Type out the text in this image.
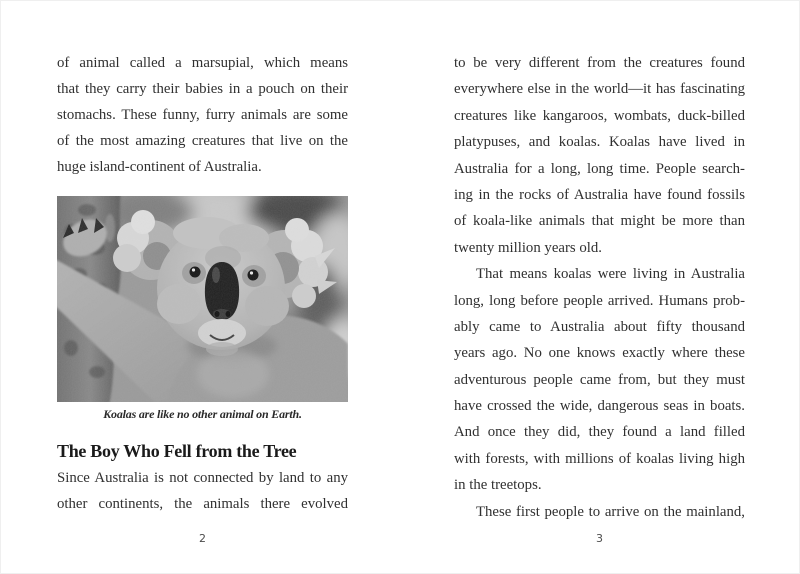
of animal called a marsupial, which means
that they carry their babies in a pouch on their
stomachs. These funny, furry animals are some
of the most amazing creatures that live on the
huge island-continent of Australia.
Koalas are like no other animal on Earth.
The Boy Who Fell from the Tree
Since Australia is not connected by land to any
other continents, the animals there evolved
to be very different from the creatures found
everywhere else in the world—it has fascinating
creatures like kangaroos, wombats, duck-billed
platypuses, and koalas. Koalas have lived in
Australia for a long, long time. People search-
ing in the rocks of Australia have found fossils
of koala-like animals that might be more than
twenty million years old.
That means koalas were living in Australia
long, long before people arrived. Humans prob-
ably came to Australia about fifty thousand
years ago. No one knows exactly where these
adventurous people came from, but they must
have crossed the wide, dangerous seas in boats.
And once they did, they found a land filled
with forests, with millions of koalas living high
in the treetops.
These first people to arrive on the mainland,
2	3
